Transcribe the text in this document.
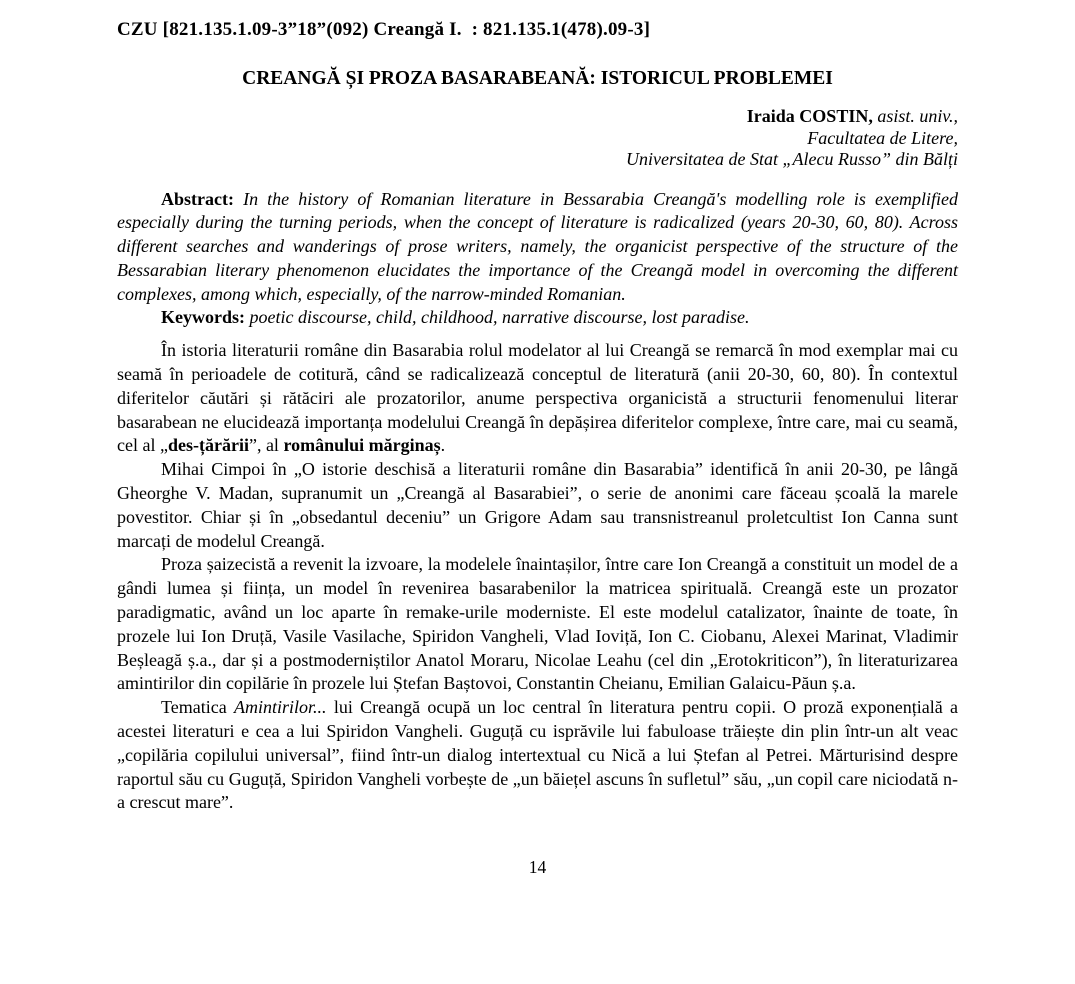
CZU [821.135.1.09-3”18”(092) Creangă I.  : 821.135.1(478).09-3]
CREANGĂ ȘI PROZA BASARABEANĂ: ISTORICUL PROBLEMEI
Iraida COSTIN, asist. univ.,
Facultatea de Litere,
Universitatea de Stat „Alecu Russo” din Bălți

Abstract: In the history of Romanian literature in Bessarabia Creangă's modelling role is exemplified especially during the turning periods, when the concept of literature is radicalized (years 20-30, 60, 80). Across different searches and wanderings of prose writers, namely, the organicist perspective of the structure of the Bessarabian literary phenomenon elucidates the importance of the Creangă model in overcoming the different complexes, among which, especially, of the narrow-minded Romanian.

Keywords: poetic discourse, child, childhood, narrative discourse, lost paradise.

În istoria literaturii române din Basarabia rolul modelator al lui Creangă se remarcă în mod exemplar mai cu seamă în perioadele de cotitură, când se radicalizează conceptul de literatură (anii 20-30, 60, 80). În contextul diferitelor căutări și rătăciri ale prozatorilor, anume perspectiva organicistă a structurii fenomenului literar basarabean ne elucidează importanța modelului Creangă în depășirea diferitelor complexe, între care, mai cu seamă, cel al „des-țărării”, al românului mărginaș.

Mihai Cimpoi în „O istorie deschisă a literaturii române din Basarabia” identifică în anii 20-30, pe lângă Gheorghe V. Madan, supranumit un „Creangă al Basarabiei”, o serie de anonimi care făceau școală la marele povestitor. Chiar și în „obsedantul deceniu” un Grigore Adam sau transnistreanul proletcultist Ion Canna sunt marcați de modelul Creangă.

Proza șaizecistă a revenit la izvoare, la modelele înaintașilor, între care Ion Creangă a constituit un model de a gândi lumea și ființa, un model în revenirea basarabenilor la matricea spirituală. Creangă este un prozator paradigmatic, având un loc aparte în remake-urile moderniste. El este modelul catalizator, înainte de toate, în prozele lui Ion Druță, Vasile Vasilache, Spiridon Vangheli, Vlad Ioviță, Ion C. Ciobanu, Alexei Marinat, Vladimir Beșleagă ș.a., dar și a postmoderniștilor Anatol Moraru, Nicolae Leahu (cel din „Erotokriticon”), în literaturizarea amintirilor din copilărie în prozele lui Ștefan Baștovoi, Constantin Cheianu, Emilian Galaicu-Păun ș.a.

Tematica Amintirilor... lui Creangă ocupă un loc central în literatura pentru copii. O proză exponențială a acestei literaturi e cea a lui Spiridon Vangheli. Guguță cu isprăvile lui fabuloase trăiește din plin într-un alt veac „copilăria copilului universal”, fiind într-un dialog intertextual cu Nică a lui Ștefan al Petrei. Mărturisind despre raportul său cu Guguță, Spiridon Vangheli vorbește de „un băiețel ascuns în sufletul” său, „un copil care niciodată n-a crescut mare”.

14
